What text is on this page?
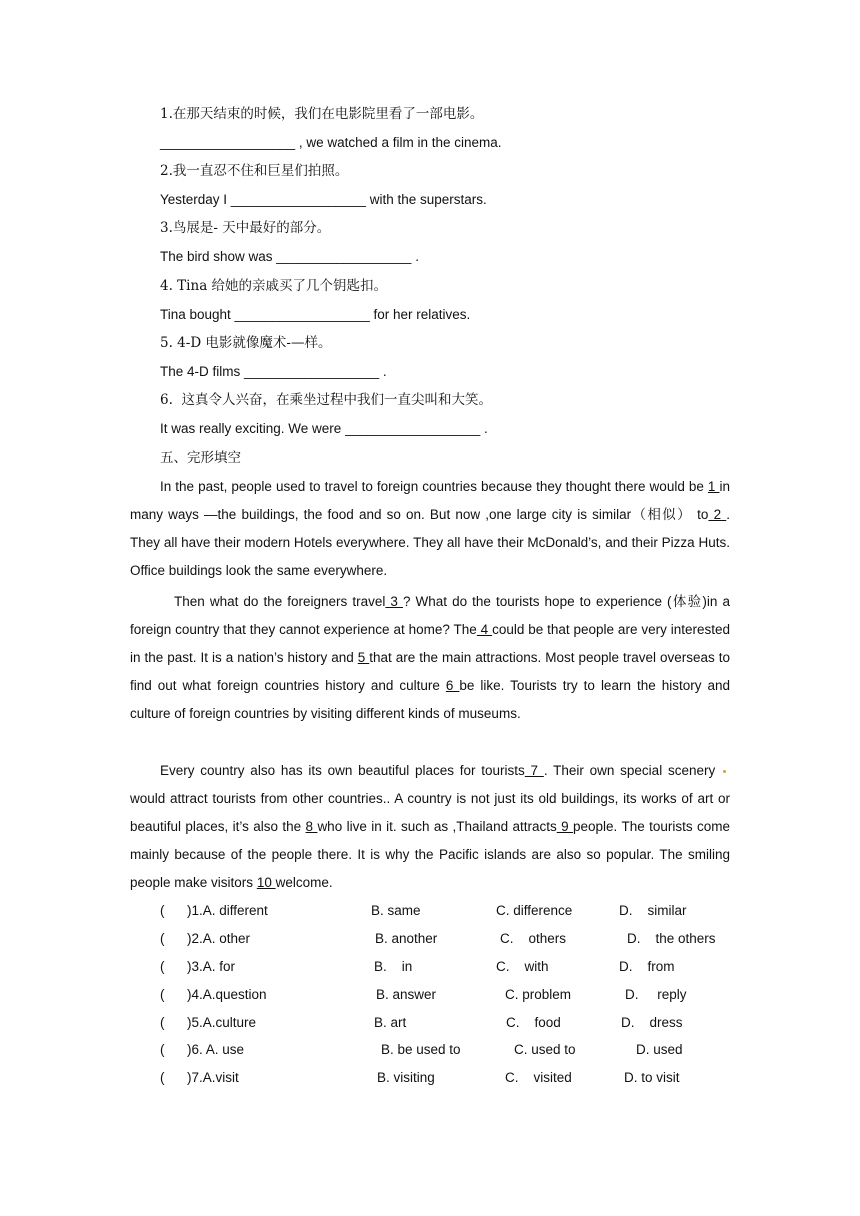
1.在那天结束的时候，我们在电影院里看了一部电影。
__________________ , we watched a film in the cinema.
2.我一直忍不住和巨星们拍照。
Yesterday I __________________ with the superstars.
3.鸟展是- 天中最好的部分。
The bird show was __________________ .
4. Tina 给她的亲戚买了几个钥匙扣。
Tina bought __________________ for her relatives.
5. 4-D 电影就像魔术-—样。
The 4-D films __________________ .
6.  这真令人兴奋，在乘坐过程中我们一直尖叫和大笑。
It was really exciting. We were __________________ .
五、完形填空
In the past, people used to travel to foreign countries because they thought there would be 1 in many ways —the buildings, the food and so on. But now ,one large city is similar（相似） to 2 . They all have their modern Hotels everywhere. They all have their McDonald’s, and their Pizza Huts. Office buildings look the same everywhere.
Then what do the foreigners travel 3 ? What do the tourists hope to experience (体验)in a foreign country that they cannot experience at home? The 4 could be that people are very interested in the past. It is a nation’s history and 5 that are the main attractions. Most people travel overseas to find out what foreign countries history and culture 6 be like. Tourists try to learn the history and culture of foreign countries by visiting different kinds of museums.
Every country also has its own beautiful places for tourists 7 . Their own special scenery would attract tourists from other countries.. A country is not just its old buildings, its works of art or beautiful places, it’s also the 8 who live in it. such as ,Thailand attracts 9 people. The tourists come mainly because of the people there. It is why the Pacific islands are also so popular. The smiling people make visitors 10 welcome.
(      )1.A. different	B. same	C. difference	D.    similar
(      )2.A. other	B. another	C.    others	D.    the others
(      )3.A. for	B.    in	C.    with	D.    from
(      )4.A.question	B. answer	C. problem	D.     reply
(      )5.A.culture	B. art	C.    food	D.    dress
(      )6. A. use	B. be used to	C. used to	D. used
(      )7.A.visit	B. visiting	C.    visited	D. to visit
